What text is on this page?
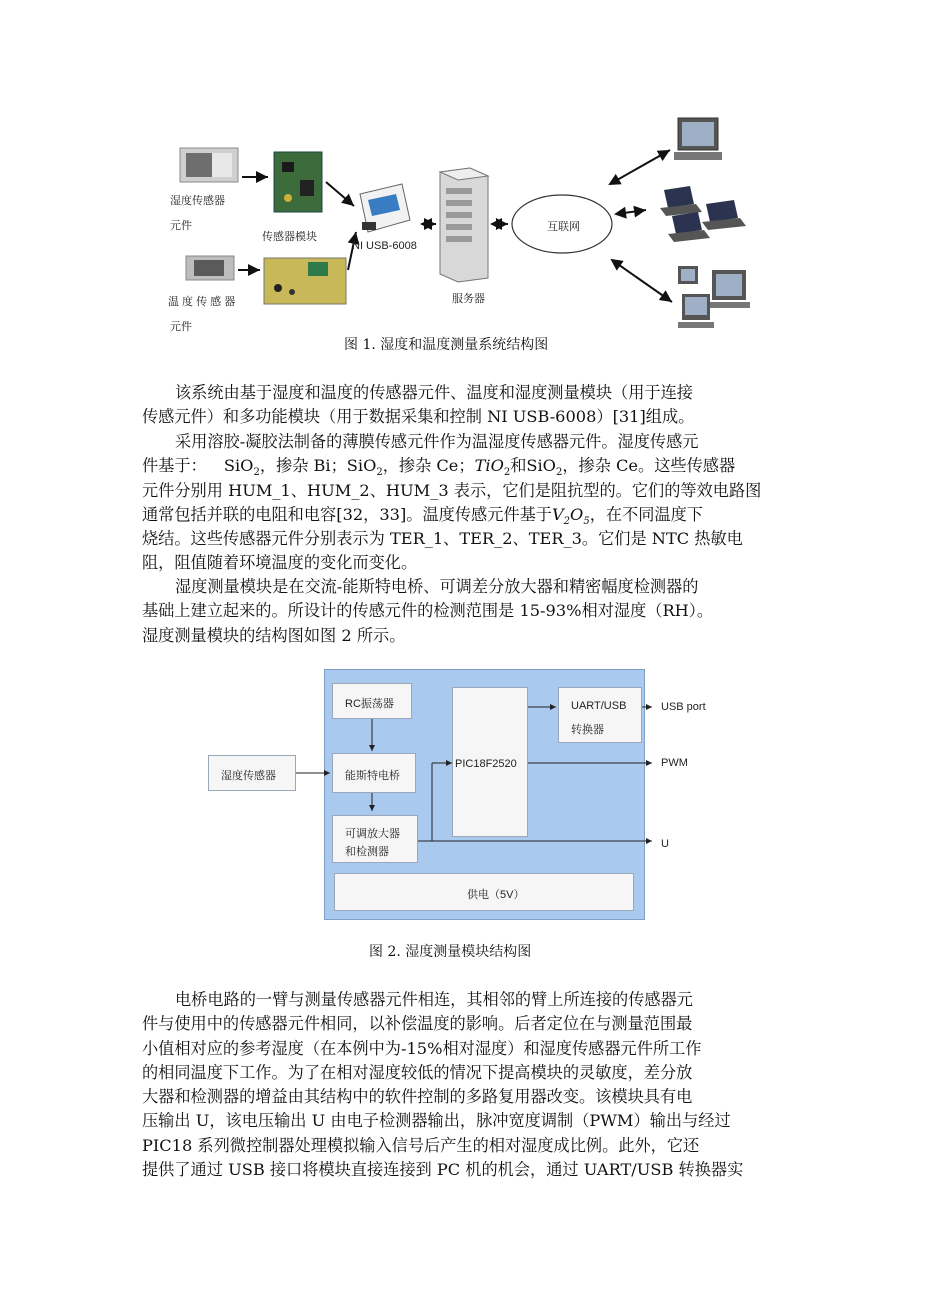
湿度传感器
元件
传感器模块
温 度 传 感 器
元件
NI USB-6008
服务器
互联网
图 1. 湿度和温度测量系统结构图
该系统由基于湿度和温度的传感器元件、温度和湿度测量模块（用于连接
传感元件）和多功能模块（用于数据采集和控制 NI USB-6008）[31]组成。
采用溶胶-凝胶法制备的薄膜传感元件作为温湿度传感器元件。湿度传感元
件基于： SiO$_2$，掺杂 Bi；SiO$_2$，掺杂 Ce；TiO$_2$和SiO$_2$，掺杂 Ce。这些传感器
元件分别用 HUM_1、HUM_2、HUM_3 表示，它们是阻抗型的。它们的等效电路图
通常包括并联的电阻和电容[32，33]。温度传感元件基于$V_2O_5$，在不同温度下
烧结。这些传感器元件分别表示为 TER_1、TER_2、TER_3。它们是 NTC 热敏电
阻，阻值随着环境温度的变化而变化。
湿度测量模块是在交流-能斯特电桥、可调差分放大器和精密幅度检测器的
基础上建立起来的。所设计的传感元件的检测范围是 15-93%相对湿度（RH）。
湿度测量模块的结构图如图 2 所示。
湿度传感器
RC振荡器
能斯特电桥
可调放大器
和检测器
PIC18F2520
UART/USB
转换器
供电（5V）
USB port
PWM
U
图 2. 湿度测量模块结构图
电桥电路的一臂与测量传感器元件相连，其相邻的臂上所连接的传感器元
件与使用中的传感器元件相同，以补偿温度的影响。后者定位在与测量范围最
小值相对应的参考湿度（在本例中为-15%相对湿度）和湿度传感器元件所工作
的相同温度下工作。为了在相对湿度较低的情况下提高模块的灵敏度，差分放
大器和检测器的增益由其结构中的软件控制的多路复用器改变。该模块具有电
压输出 U，该电压输出 U 由电子检测器输出，脉冲宽度调制（PWM）输出与经过
PIC18 系列微控制器处理模拟输入信号后产生的相对湿度成比例。此外，它还
提供了通过 USB 接口将模块直接连接到 PC 机的机会，通过 UART/USB 转换器实
